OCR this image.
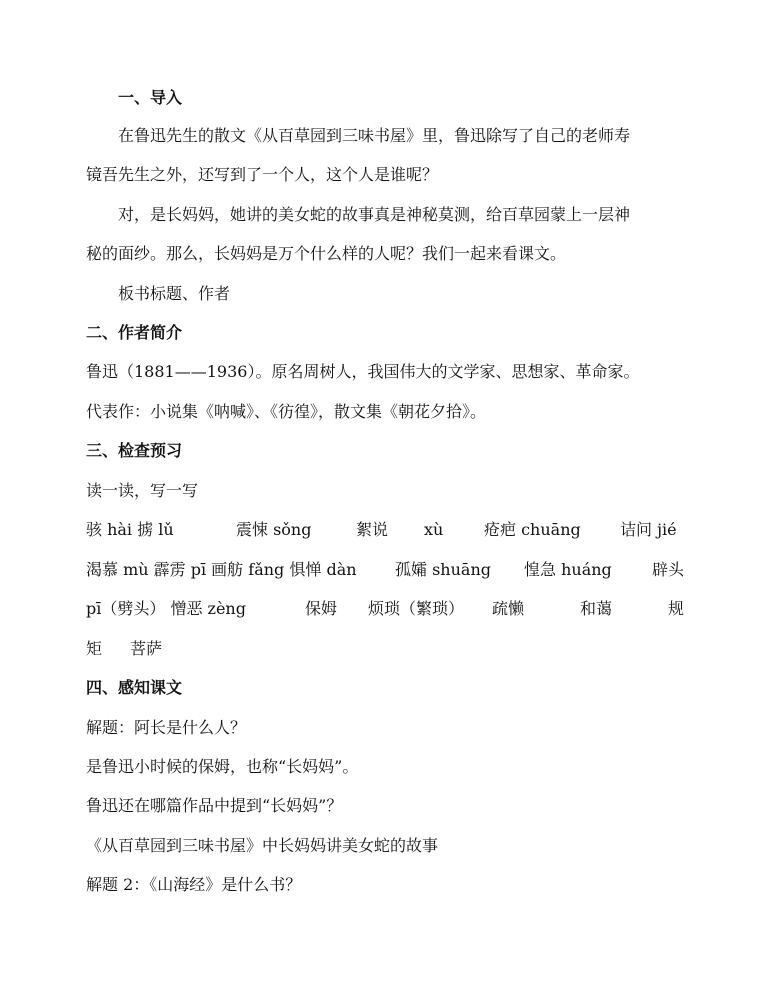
一、导入
在鲁迅先生的散文《从百草园到三味书屋》里，鲁迅除写了自己的老师寿
镜吾先生之外，还写到了一个人，这个人是谁呢？
对，是长妈妈，她讲的美女蛇的故事真是神秘莫测，给百草园蒙上一层神
秘的面纱。那么，长妈妈是万个什么样的人呢？我们一起来看课文。
板书标题、作者
二、作者简介
鲁迅（1881——1936）。原名周树人，我国伟大的文学家、思想家、革命家。
代表作：小说集《呐喊》、《彷徨》，散文集《朝花夕拾》。
三、检查预习
读一读，写一写
骇 hài 掳 lǔ	震悚 sǒng	絮说 xù	疮疤 chuāng 诘问 jié
渴慕 mù 霹雳 pī 画舫 fǎng 惧惮 dàn 孤孀 shuāng 惶急 huáng	辟头
pī（劈头） 憎恶 zèng	保姆 烦琐（繁琐） 疏懒	和蔼	规
矩 菩萨
四、感知课文
解题：阿长是什么人？
是鲁迅小时候的保姆，也称“长妈妈”。
鲁迅还在哪篇作品中提到“长妈妈”？
《从百草园到三味书屋》中长妈妈讲美女蛇的故事
解题 2：《山海经》是什么书？
